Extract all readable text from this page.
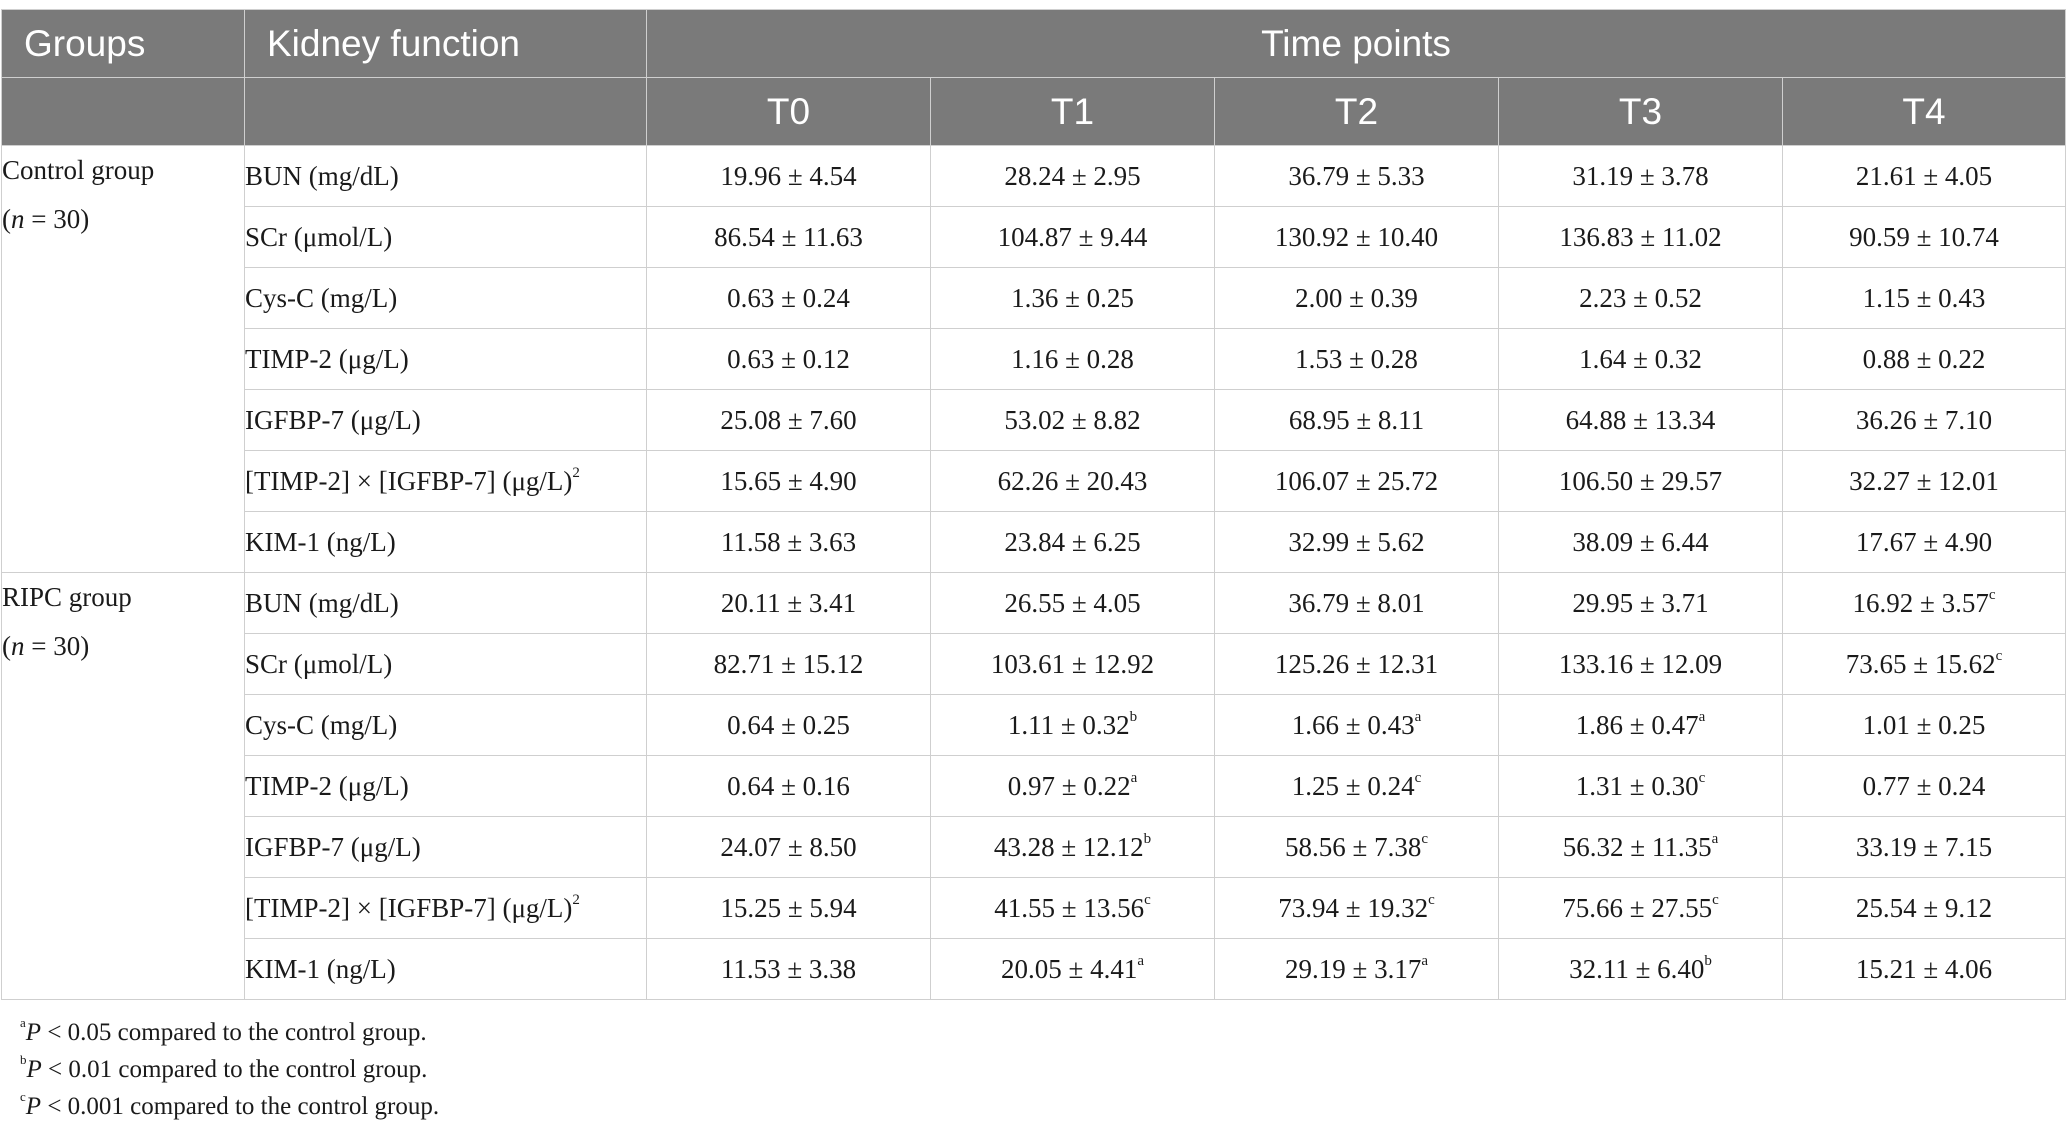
Groups	Kidney function	Time points				
		T0	T1	T2	T3	T4

Control group
(n = 30)	BUN (mg/dL)	19.96 ± 4.54	28.24 ± 2.95	36.79 ± 5.33	31.19 ± 3.78	21.61 ± 4.05
	SCr (μmol/L)	86.54 ± 11.63	104.87 ± 9.44	130.92 ± 10.40	136.83 ± 11.02	90.59 ± 10.74
	Cys-C (mg/L)	0.63 ± 0.24	1.36 ± 0.25	2.00 ± 0.39	2.23 ± 0.52	1.15 ± 0.43
	TIMP-2 (μg/L)	0.63 ± 0.12	1.16 ± 0.28	1.53 ± 0.28	1.64 ± 0.32	0.88 ± 0.22
	IGFBP-7 (μg/L)	25.08 ± 7.60	53.02 ± 8.82	68.95 ± 8.11	64.88 ± 13.34	36.26 ± 7.10
	[TIMP-2] × [IGFBP-7] $(\mu g/L)^2$	15.65 ± 4.90	62.26 ± 20.43	106.07 ± 25.72	106.50 ± 29.57	32.27 ± 12.01
	KIM-1 (ng/L)	11.58 ± 3.63	23.84 ± 6.25	32.99 ± 5.62	38.09 ± 6.44	17.67 ± 4.90

RIPC group
(n = 30)	BUN (mg/dL)	20.11 ± 3.41	26.55 ± 4.05	36.79 ± 8.01	29.95 ± 3.71	16.92 ± 3.57$^c$
	SCr (μmol/L)	82.71 ± 15.12	103.61 ± 12.92	125.26 ± 12.31	133.16 ± 12.09	73.65 ± 15.62$^c$
	Cys-C (mg/L)	0.64 ± 0.25	1.11 ± 0.32$^b$	1.66 ± 0.43$^a$	1.86 ± 0.47$^a$	1.01 ± 0.25
	TIMP-2 (μg/L)	0.64 ± 0.16	0.97 ± 0.22$^a$	1.25 ± 0.24$^c$	1.31 ± 0.30$^c$	0.77 ± 0.24
	IGFBP-7 (μg/L)	24.07 ± 8.50	43.28 ± 12.12$^b$	58.56 ± 7.38$^c$	56.32 ± 11.35$^a$	33.19 ± 7.15
	[TIMP-2] × [IGFBP-7] $(\mu g/L)^2$	15.25 ± 5.94	41.55 ± 13.56$^c$	73.94 ± 19.32$^c$	75.66 ± 27.55$^c$	25.54 ± 9.12
	KIM-1 (ng/L)	11.53 ± 3.38	20.05 ± 4.41$^a$	29.19 ± 3.17$^a$	32.11 ± 6.40$^b$	15.21 ± 4.06
$^a$P < 0.05 compared to the control group.
$^b$P < 0.01 compared to the control group.
$^c$P < 0.001 compared to the control group.
